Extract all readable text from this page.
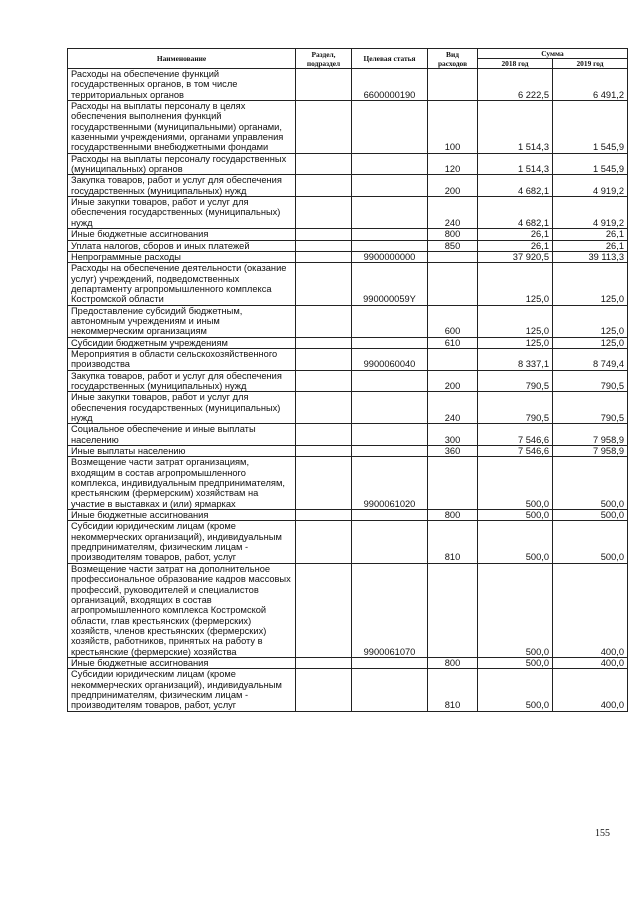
Наименование	Раздел, подраздел	Целевая статья	Вид расходов	Сумма	
				2018 год	2019 год
Расходы на обеспечение функций государственных органов, в том числе территориальных органов		6600000190		6 222,5	6 491,2
Расходы на выплаты персоналу в целях обеспечения выполнения функций государственными (муниципальными) органами, казенными учреждениями, органами управления государственными внебюджетными фондами			100	1 514,3	1 545,9
Расходы на выплаты персоналу государственных (муниципальных) органов			120	1 514,3	1 545,9
Закупка товаров, работ и услуг для обеспечения государственных (муниципальных) нужд			200	4 682,1	4 919,2
Иные закупки товаров, работ и услуг для обеспечения государственных (муниципальных) нужд			240	4 682,1	4 919,2
Иные бюджетные ассигнования			800	26,1	26,1
Уплата налогов, сборов и иных платежей			850	26,1	26,1
Непрограммные расходы		9900000000		37 920,5	39 113,3
Расходы на обеспечение деятельности (оказание услуг) учреждений, подведомственных департаменту агропромышленного комплекса Костромской области		990000059Y		125,0	125,0
Предоставление субсидий бюджетным, автономным учреждениям и иным некоммерческим организациям			600	125,0	125,0
Субсидии бюджетным учреждениям			610	125,0	125,0
Мероприятия в области сельскохозяйственного производства		9900060040		8 337,1	8 749,4
Закупка товаров, работ и услуг для обеспечения государственных (муниципальных) нужд			200	790,5	790,5
Иные закупки товаров, работ и услуг для обеспечения государственных (муниципальных) нужд			240	790,5	790,5
Социальное обеспечение и иные выплаты населению			300	7 546,6	7 958,9
Иные выплаты населению			360	7 546,6	7 958,9
Возмещение части затрат организациям, входящим в состав агропромышленного комплекса, индивидуальным предпринимателям, крестьянским (фермерским) хозяйствам на участие в выставках и (или) ярмарках		9900061020		500,0	500,0
Иные бюджетные ассигнования			800	500,0	500,0
Субсидии юридическим лицам (кроме некоммерческих организаций), индивидуальным предпринимателям, физическим лицам - производителям товаров, работ, услуг			810	500,0	500,0
Возмещение части затрат на дополнительное профессиональное образование кадров массовых профессий, руководителей и специалистов организаций, входящих в состав агропромышленного комплекса Костромской области, глав крестьянских (фермерских) хозяйств, членов крестьянских (фермерских) хозяйств, работников, принятых на работу в крестьянские (фермерские) хозяйства		9900061070		500,0	400,0
Иные бюджетные ассигнования			800	500,0	400,0
Субсидии юридическим лицам (кроме некоммерческих организаций), индивидуальным предпринимателям, физическим лицам - производителям товаров, работ, услуг			810	500,0	400,0
155
